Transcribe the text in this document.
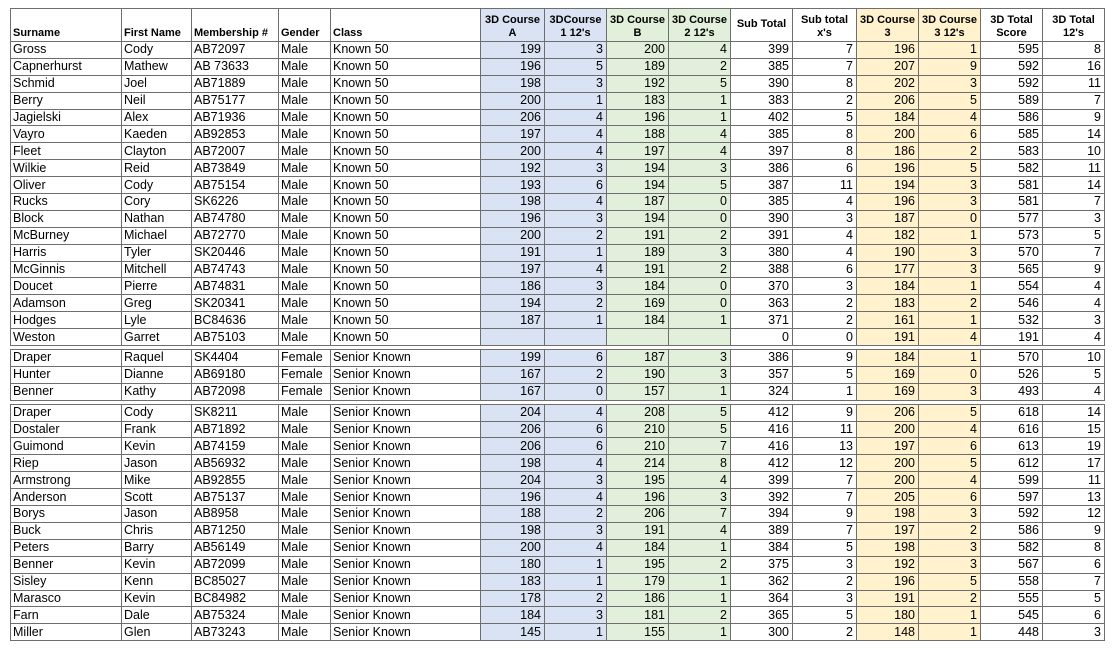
Surname	First Name	Membership #	Gender	Class	3D Course A	3DCourse 1 12's	3D Course B	3D Course 2 12's	Sub Total	Sub total x's	3D Course 3	3D Course 3 12's	3D Total Score	3D Total 12's
Gross	Cody	AB72097	Male	Known 50	199	3	200	4	399	7	196	1	595	8
Capnerhurst	Mathew	AB 73633	Male	Known 50	196	5	189	2	385	7	207	9	592	16
Schmid	Joel	AB71889	Male	Known 50	198	3	192	5	390	8	202	3	592	11
Berry	Neil	AB75177	Male	Known 50	200	1	183	1	383	2	206	5	589	7
Jagielski	Alex	AB71936	Male	Known 50	206	4	196	1	402	5	184	4	586	9
Vayro	Kaeden	AB92853	Male	Known 50	197	4	188	4	385	8	200	6	585	14
Fleet	Clayton	AB72007	Male	Known 50	200	4	197	4	397	8	186	2	583	10
Wilkie	Reid	AB73849	Male	Known 50	192	3	194	3	386	6	196	5	582	11
Oliver	Cody	AB75154	Male	Known 50	193	6	194	5	387	11	194	3	581	14
Rucks	Cory	SK6226	Male	Known 50	198	4	187	0	385	4	196	3	581	7
Block	Nathan	AB74780	Male	Known 50	196	3	194	0	390	3	187	0	577	3
McBurney	Michael	AB72770	Male	Known 50	200	2	191	2	391	4	182	1	573	5
Harris	Tyler	SK20446	Male	Known 50	191	1	189	3	380	4	190	3	570	7
McGinnis	Mitchell	AB74743	Male	Known 50	197	4	191	2	388	6	177	3	565	9
Doucet	Pierre	AB74831	Male	Known 50	186	3	184	0	370	3	184	1	554	4
Adamson	Greg	SK20341	Male	Known 50	194	2	169	0	363	2	183	2	546	4
Hodges	Lyle	BC84636	Male	Known 50	187	1	184	1	371	2	161	1	532	3
Weston	Garret	AB75103	Male	Known 50					0	0	191	4	191	4

Draper	Raquel	SK4404	Female	Senior Known	199	6	187	3	386	9	184	1	570	10
Hunter	Dianne	AB69180	Female	Senior Known	167	2	190	3	357	5	169	0	526	5
Benner	Kathy	AB72098	Female	Senior Known	167	0	157	1	324	1	169	3	493	4

Draper	Cody	SK8211	Male	Senior Known	204	4	208	5	412	9	206	5	618	14
Dostaler	Frank	AB71892	Male	Senior Known	206	6	210	5	416	11	200	4	616	15
Guimond	Kevin	AB74159	Male	Senior Known	206	6	210	7	416	13	197	6	613	19
Riep	Jason	AB56932	Male	Senior Known	198	4	214	8	412	12	200	5	612	17
Armstrong	Mike	AB92855	Male	Senior Known	204	3	195	4	399	7	200	4	599	11
Anderson	Scott	AB75137	Male	Senior Known	196	4	196	3	392	7	205	6	597	13
Borys	Jason	AB8958	Male	Senior Known	188	2	206	7	394	9	198	3	592	12
Buck	Chris	AB71250	Male	Senior Known	198	3	191	4	389	7	197	2	586	9
Peters	Barry	AB56149	Male	Senior Known	200	4	184	1	384	5	198	3	582	8
Benner	Kevin	AB72099	Male	Senior Known	180	1	195	2	375	3	192	3	567	6
Sisley	Kenn	BC85027	Male	Senior Known	183	1	179	1	362	2	196	5	558	7
Marasco	Kevin	BC84982	Male	Senior Known	178	2	186	1	364	3	191	2	555	5
Farn	Dale	AB75324	Male	Senior Known	184	3	181	2	365	5	180	1	545	6
Miller	Glen	AB73243	Male	Senior Known	145	1	155	1	300	2	148	1	448	3
